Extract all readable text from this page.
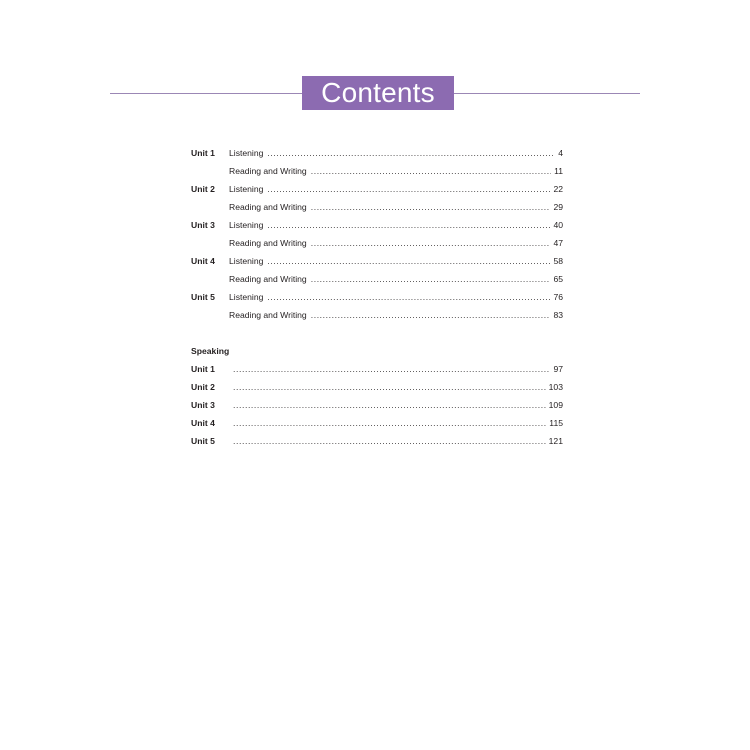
Contents
Unit 1	Listening .....	4
Reading and Writing .....	11
Unit 2	Listening .....	22
Reading and Writing .....	29
Unit 3	Listening .....	40
Reading and Writing .....	47
Unit 4	Listening .....	58
Reading and Writing .....	65
Unit 5	Listening .....	76
Reading and Writing .....	83
Speaking
Unit 1 .....	97
Unit 2 .....	103
Unit 3 .....	109
Unit 4 .....	115
Unit 5 .....	121
